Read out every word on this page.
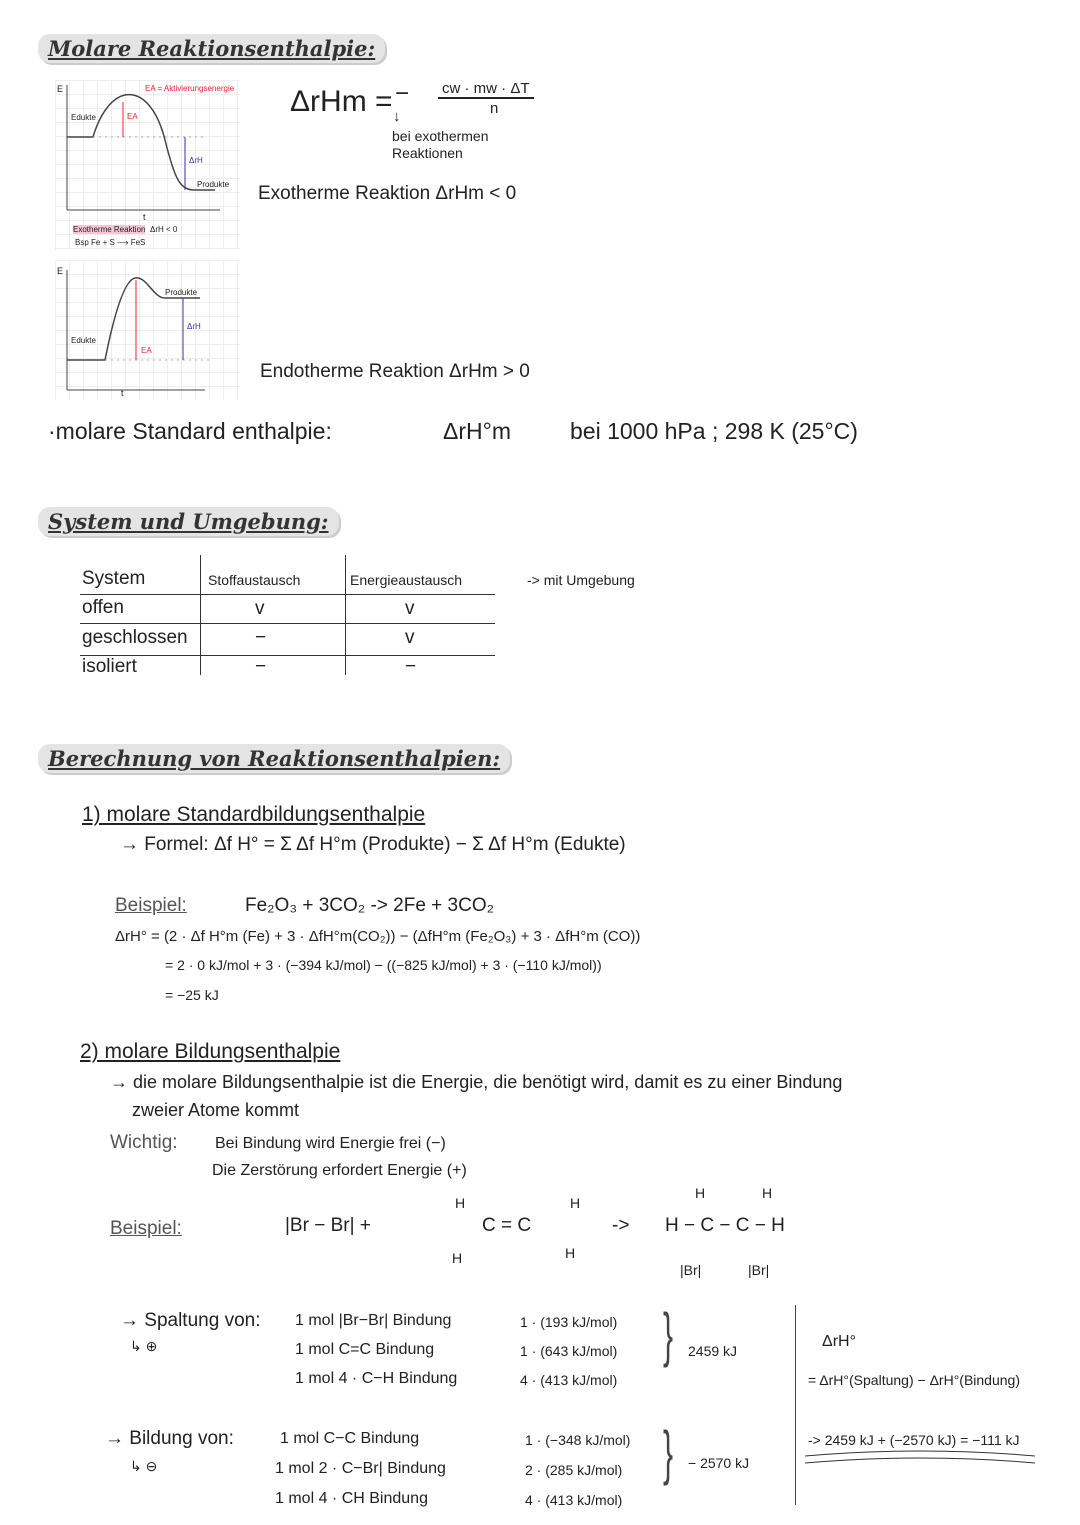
Molare Reaktionsenthalpie:
E	EA = Aktivierungsenergie
Edukte	EA
ΔrH
Produkte
t
Exotherme Reaktion ΔrH < 0
Bsp Fe + S ⟶ FeS
E
Produkte
ΔrH
Edukte
EA
t
ΔrHm = − cw · mw · ΔT
n
↓
bei exothermen
Reaktionen
Exotherme Reaktion ΔrHm < 0
Endotherme Reaktion ΔrHm > 0
·molare Standard enthalpie:	ΔrH°m	bei 1000 hPa ; 298 K (25°C)
System und Umgebung:
System	Stoffaustausch	Energieaustausch
offen	v	v
geschlossen	−	v
isoliert	−	−
-> mit Umgebung
Berechnung von Reaktionsenthalpien:
1) molare Standardbildungsenthalpie
→ Formel: Δf H° = Σ Δf H°m (Produkte) − Σ Δf H°m (Edukte)
Beispiel:	Fe₂O₃ + 3CO₂ -> 2Fe + 3CO₂
ΔrH° = (2 · Δf H°m (Fe) + 3 · ΔfH°m(CO₂)) − (ΔfH°m (Fe₂O₃) + 3 · ΔfH°m (CO))
= 2 · 0 kJ/mol + 3 · (−394 kJ/mol) − ((−825 kJ/mol) + 3 · (−110 kJ/mol))
= −25 kJ
2) molare Bildungsenthalpie
→ die molare Bildungsenthalpie ist die Energie, die benötigt wird, damit es zu einer Bindung
zweier Atome kommt
Wichtig: Bei Bindung wird Energie frei (−)
Die Zerstörung erfordert Energie (+)
Beispiel:	|Br − Br| +
H	H
C = C
H	H
->
H	H
H − C − C − H
|Br|	|Br|
→ Spaltung von:
↳ ⊕
1 mol |Br−Br| Bindung	1 · (193 kJ/mol)
1 mol C=C Bindung	1 · (643 kJ/mol)
1 mol 4 · C−H Bindung	4 · (413 kJ/mol)
} 2459 kJ
→ Bildung von:
↳ ⊖
1 mol C−C Bindung	1 · (−348 kJ/mol)
1 mol 2 · C−Br| Bindung	2 · (285 kJ/mol)
1 mol 4 · CH Bindung	4 · (413 kJ/mol)
} − 2570 kJ
ΔrH°
= ΔrH°(Spaltung) − ΔrH°(Bindung)
-> 2459 kJ + (−2570 kJ) = −111 kJ
